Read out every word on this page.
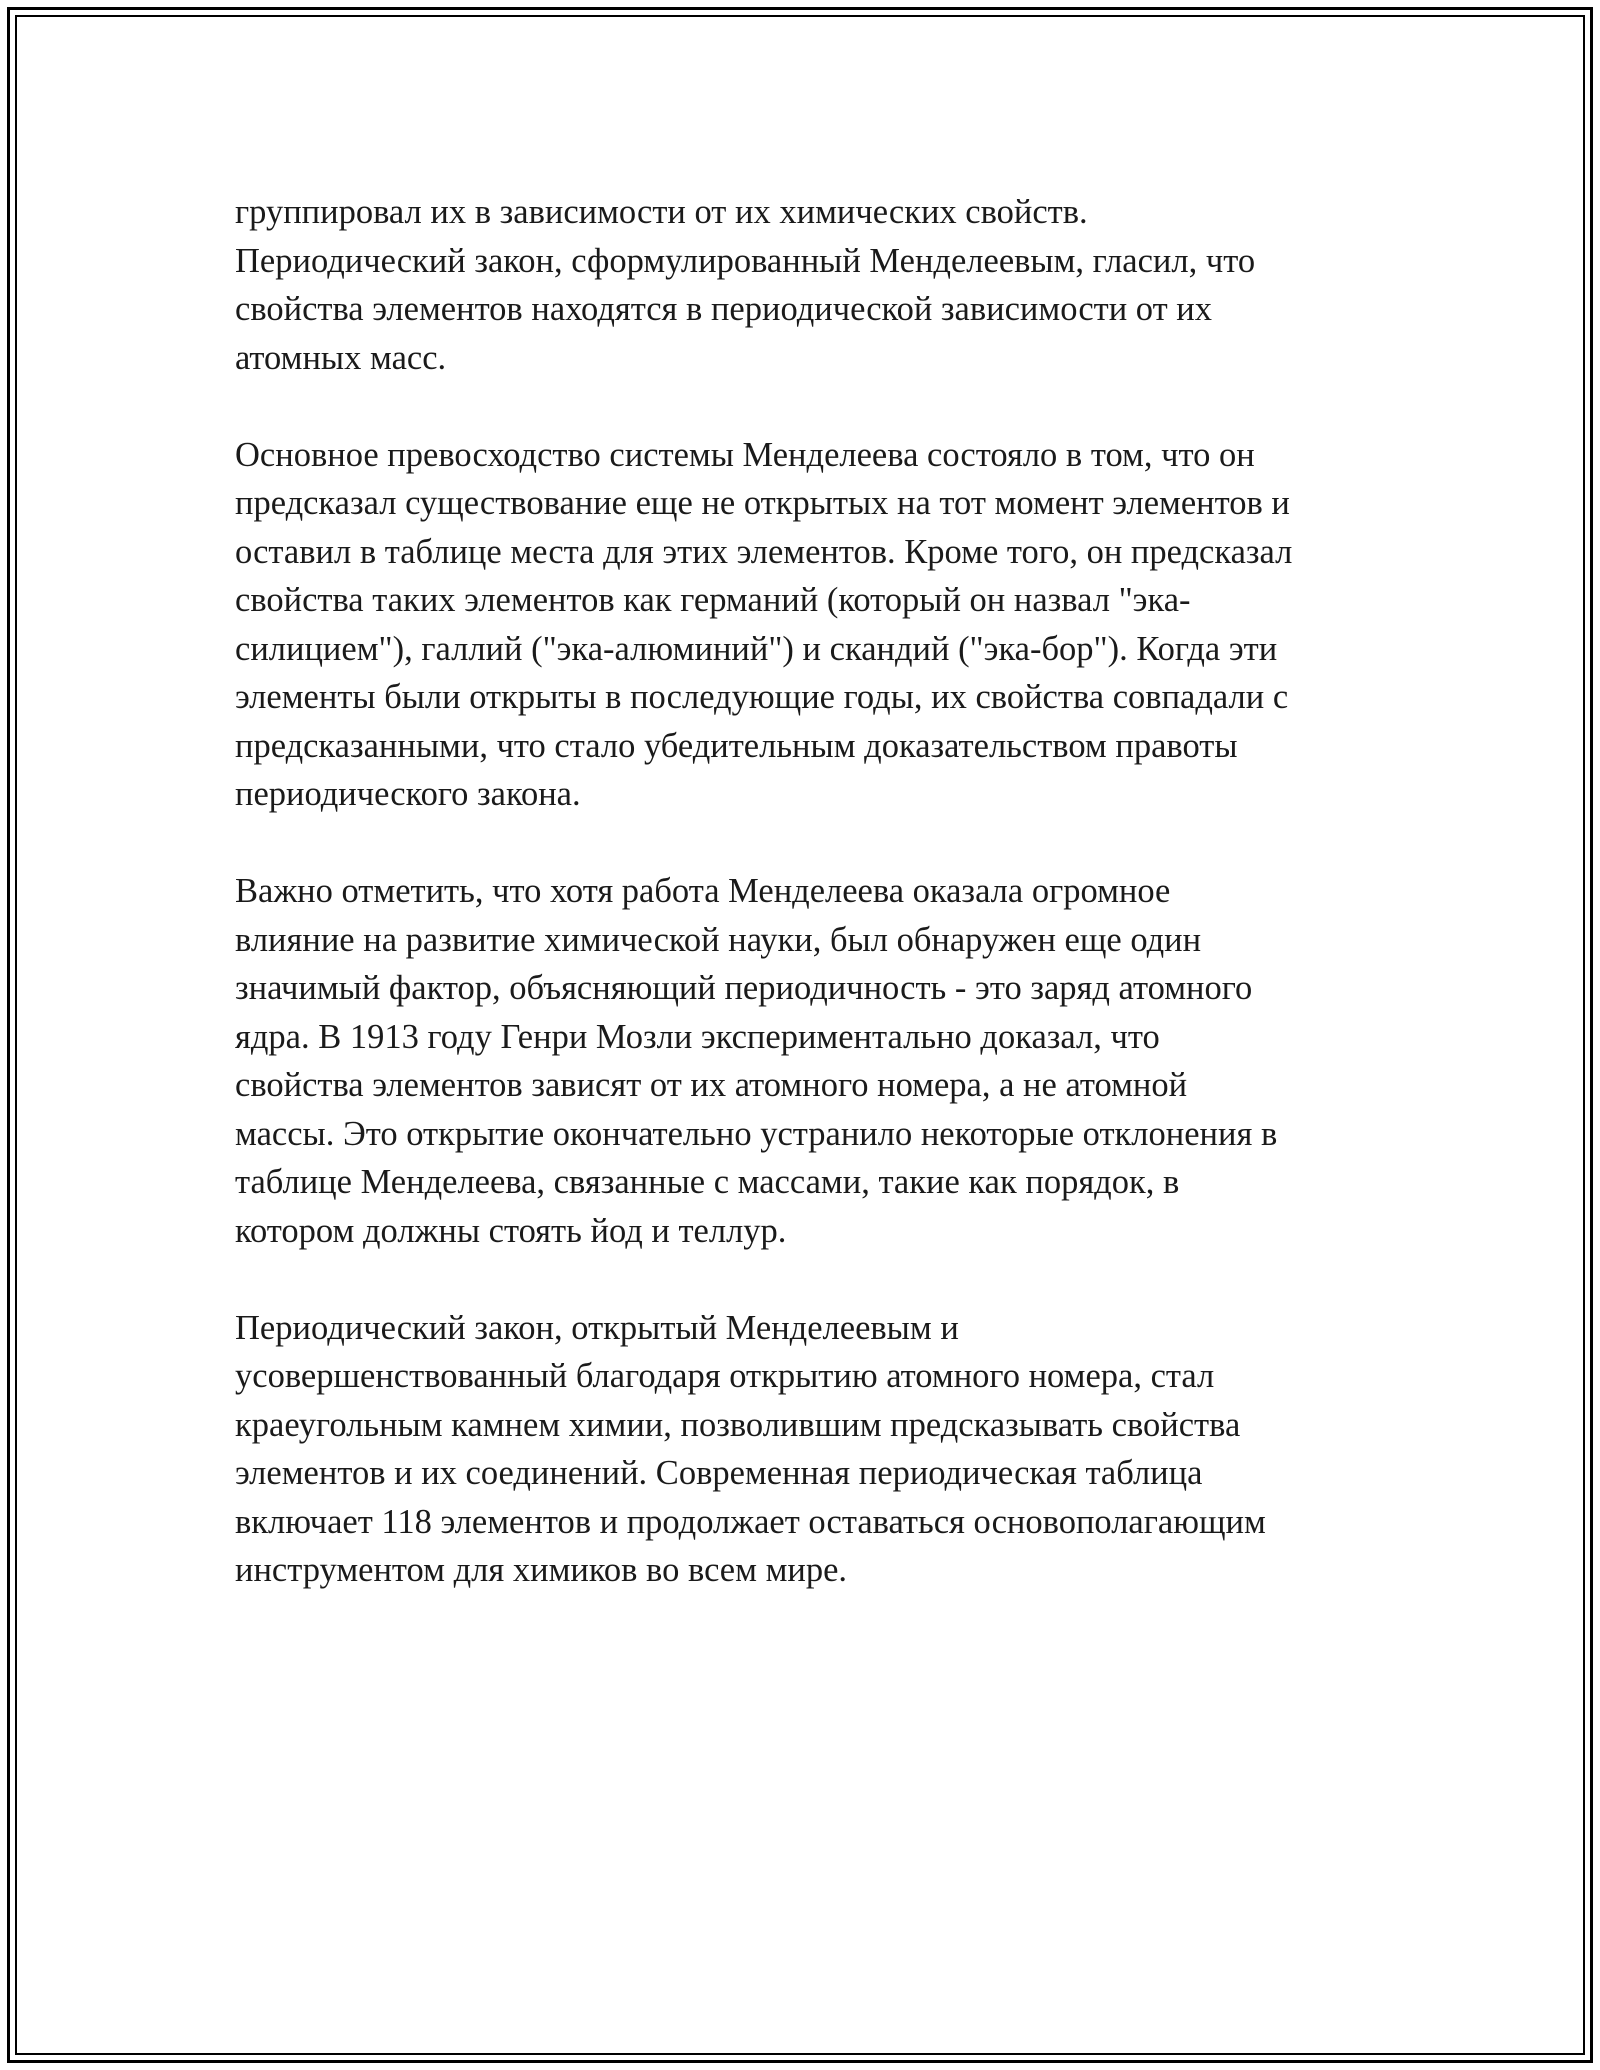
группировал их в зависимости от их химических свойств.
Периодический закон, сформулированный Менделеевым, гласил, что
свойства элементов находятся в периодической зависимости от их
атомных масс.

Основное превосходство системы Менделеева состояло в том, что он
предсказал существование еще не открытых на тот момент элементов и
оставил в таблице места для этих элементов. Кроме того, он предсказал
свойства таких элементов как германий (который он назвал "эка-
силицием"), галлий ("эка-алюминий") и скандий ("эка-бор"). Когда эти
элементы были открыты в последующие годы, их свойства совпадали с
предсказанными, что стало убедительным доказательством правоты
периодического закона.

Важно отметить, что хотя работа Менделеева оказала огромное
влияние на развитие химической науки, был обнаружен еще один
значимый фактор, объясняющий периодичность - это заряд атомного
ядра. В 1913 году Генри Мозли экспериментально доказал, что
свойства элементов зависят от их атомного номера, а не атомной
массы. Это открытие окончательно устранило некоторые отклонения в
таблице Менделеева, связанные с массами, такие как порядок, в
котором должны стоять йод и теллур.

Периодический закон, открытый Менделеевым и
усовершенствованный благодаря открытию атомного номера, стал
краеугольным камнем химии, позволившим предсказывать свойства
элементов и их соединений. Современная периодическая таблица
включает 118 элементов и продолжает оставаться основополагающим
инструментом для химиков во всем мире.
